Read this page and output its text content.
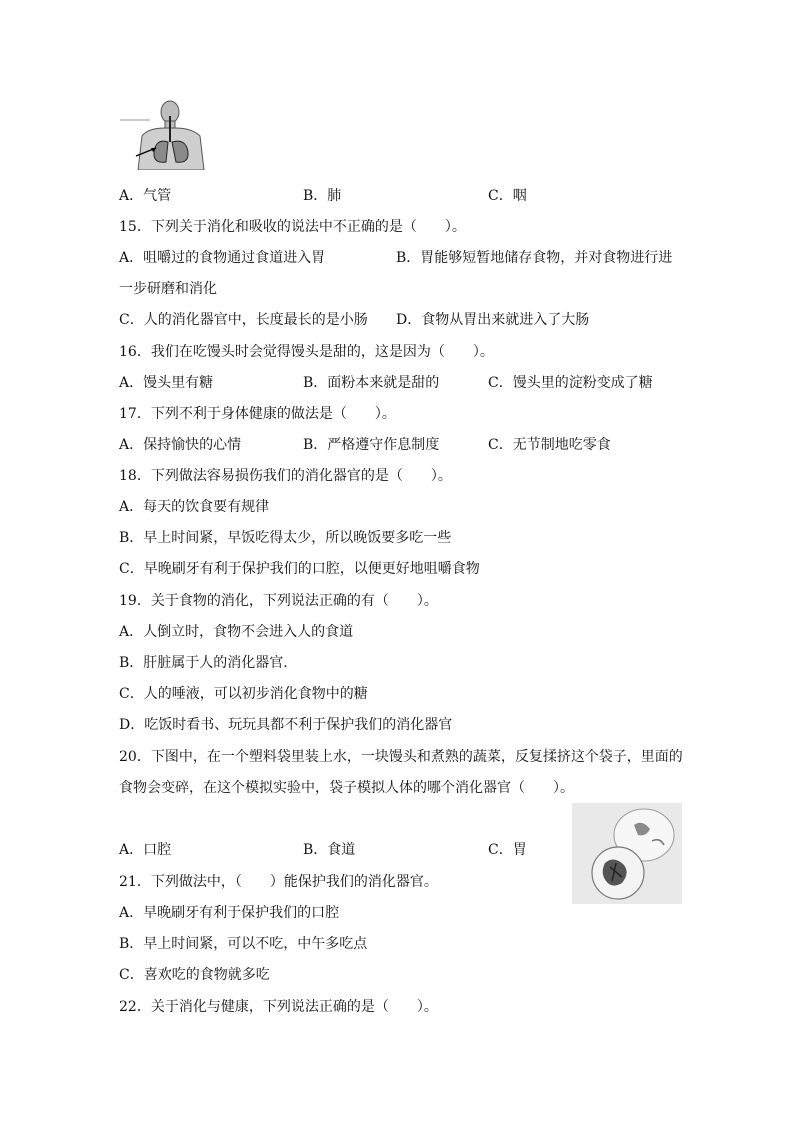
A．气管	B．肺	C．咽
15．下列关于消化和吸收的说法中不正确的是（　　）。
A．咀嚼过的食物通过食道进入胃	B．胃能够短暂地储存食物，并对食物进行进
一步研磨和消化
C．人的消化器官中，长度最长的是小肠 D．食物从胃出来就进入了大肠
16．我们在吃馒头时会觉得馒头是甜的，这是因为（　　）。
A．馒头里有糖	B．面粉本来就是甜的	C．馒头里的淀粉变成了糖
17．下列不利于身体健康的做法是（　　）。
A．保持愉快的心情	B．严格遵守作息制度	C．无节制地吃零食
18．下列做法容易损伤我们的消化器官的是（　　）。
A．每天的饮食要有规律
B．早上时间紧，早饭吃得太少，所以晚饭要多吃一些
C．早晚刷牙有利于保护我们的口腔，以便更好地咀嚼食物
19．关于食物的消化，下列说法正确的有（　　）。
A．人倒立时，食物不会进入人的食道
B．肝脏属于人的消化器官.
C．人的唾液，可以初步消化食物中的糖
D．吃饭时看书、玩玩具都不利于保护我们的消化器官
20．下图中，在一个塑料袋里装上水，一块馒头和煮熟的蔬菜，反复揉挤这个袋子，里面的
食物会变碎，在这个模拟实验中，袋子模拟人体的哪个消化器官（　　）。
A．口腔	B．食道	C．胃
21．下列做法中，（　　）能保护我们的消化器官。
A．早晚刷牙有利于保护我们的口腔
B．早上时间紧，可以不吃，中午多吃点
C．喜欢吃的食物就多吃
22．关于消化与健康，下列说法正确的是（　　）。
